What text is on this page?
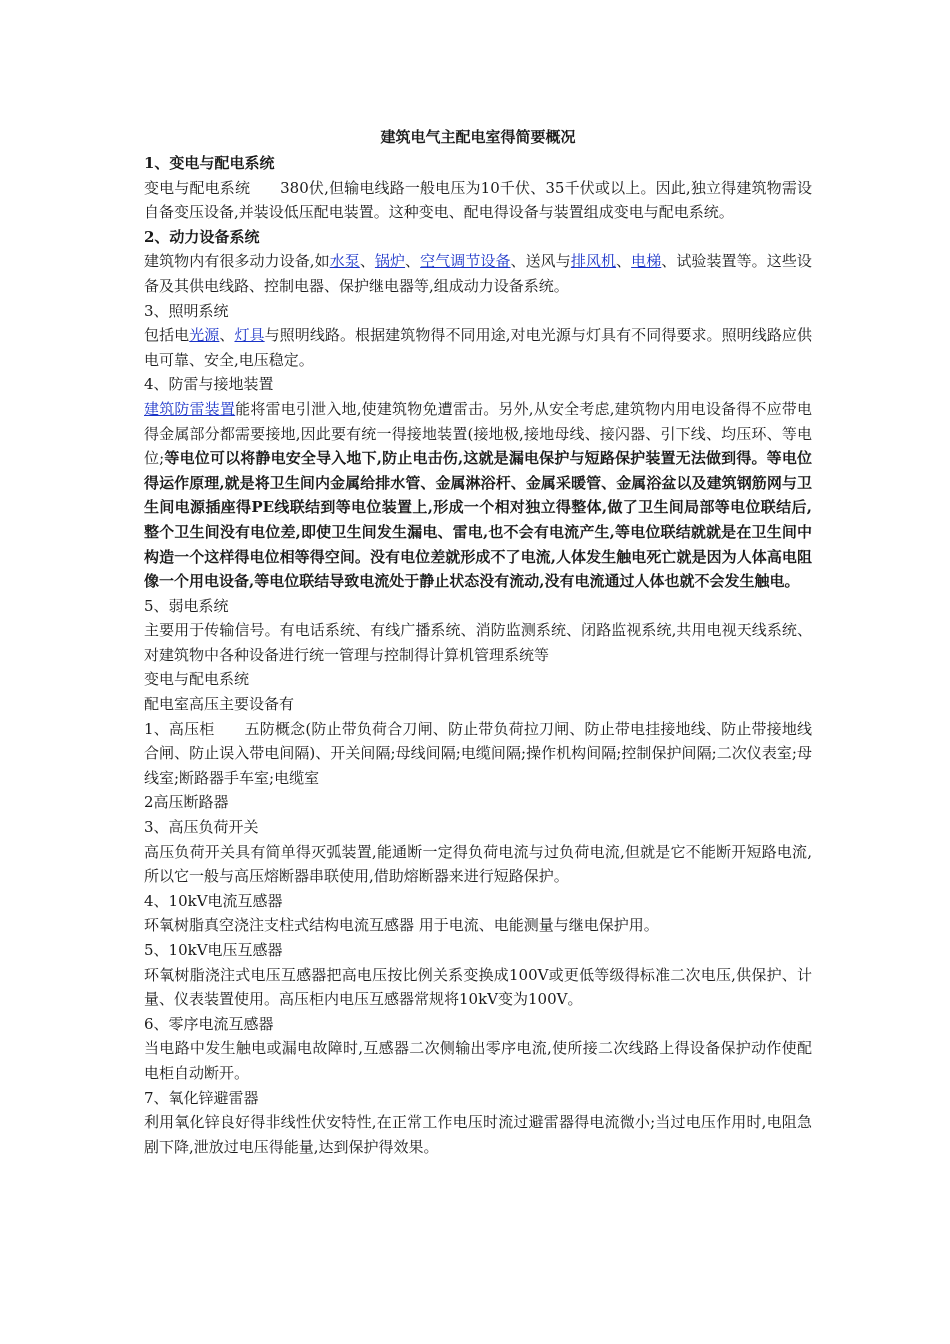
建筑电气主配电室得简要概况
1、变电与配电系统
变电与配电系统 380伏,但输电线路一般电压为10千伏、35千伏或以上。因此,独立得建筑物需设自备变压设备,并装设低压配电装置。这种变电、配电得设备与装置组成变电与配电系统。
2、动力设备系统
建筑物内有很多动力设备,如水泵、锅炉、空气调节设备、送风与排风机、电梯、试验装置等。这些设备及其供电线路、控制电器、保护继电器等,组成动力设备系统。
3、照明系统
包括电光源、灯具与照明线路。根据建筑物得不同用途,对电光源与灯具有不同得要求。照明线路应供电可靠、安全,电压稳定。
4、防雷与接地装置
建筑防雷装置能将雷电引泄入地,使建筑物免遭雷击。另外,从安全考虑,建筑物内用电设备得不应带电得金属部分都需要接地,因此要有统一得接地装置(接地极,接地母线、接闪器、引下线、均压环、等电位;等电位可以将静电安全导入地下,防止电击伤,这就是漏电保护与短路保护装置无法做到得。等电位得运作原理,就是将卫生间内金属给排水管、金属淋浴杆、金属采暖管、金属浴盆以及建筑钢筋网与卫生间电源插座得PE线联结到等电位装置上,形成一个相对独立得整体,做了卫生间局部等电位联结后,整个卫生间没有电位差,即使卫生间发生漏电、雷电,也不会有电流产生,等电位联结就就是在卫生间中构造一个这样得电位相等得空间。没有电位差就形成不了电流,人体发生触电死亡就是因为人体高电阻像一个用电设备,等电位联结导致电流处于静止状态没有流动,没有电流通过人体也就不会发生触电。
5、弱电系统
主要用于传输信号。有电话系统、有线广播系统、消防监测系统、闭路监视系统,共用电视天线系统、对建筑物中各种设备进行统一管理与控制得计算机管理系统等
变电与配电系统
配电室高压主要设备有
1、高压柜 五防概念(防止带负荷合刀闸、防止带负荷拉刀闸、防止带电挂接地线、防止带接地线合闸、防止误入带电间隔)、开关间隔;母线间隔;电缆间隔;操作机构间隔;控制保护间隔;二次仪表室;母线室;断路器手车室;电缆室
2高压断路器
3、高压负荷开关
高压负荷开关具有简单得灭弧装置,能通断一定得负荷电流与过负荷电流,但就是它不能断开短路电流,所以它一般与高压熔断器串联使用,借助熔断器来进行短路保护。
4、10kV电流互感器
环氧树脂真空浇注支柱式结构电流互感器 用于电流、电能测量与继电保护用。
5、10kV电压互感器
环氧树脂浇注式电压互感器把高电压按比例关系变换成100V或更低等级得标准二次电压,供保护、计量、仪表装置使用。高压柜内电压互感器常规将10kV变为100V。
6、零序电流互感器
当电路中发生触电或漏电故障时,互感器二次侧输出零序电流,使所接二次线路上得设备保护动作使配电柜自动断开。
7、氧化锌避雷器
利用氧化锌良好得非线性伏安特性,在正常工作电压时流过避雷器得电流微小;当过电压作用时,电阻急剧下降,泄放过电压得能量,达到保护得效果。
